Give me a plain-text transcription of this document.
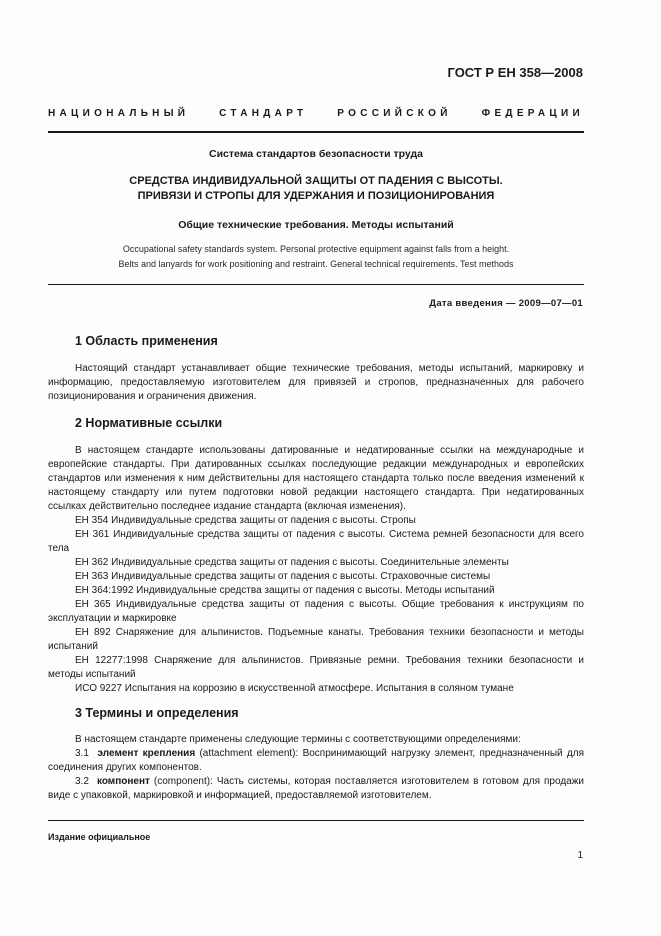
ГОСТ Р ЕН 358—2008
НАЦИОНАЛЬНЫЙ СТАНДАРТ РОССИЙСКОЙ ФЕДЕРАЦИИ
Система стандартов безопасности труда
СРЕДСТВА ИНДИВИДУАЛЬНОЙ ЗАЩИТЫ ОТ ПАДЕНИЯ С ВЫСОТЫ.
ПРИВЯЗИ И СТРОПЫ ДЛЯ УДЕРЖАНИЯ И ПОЗИЦИОНИРОВАНИЯ
Общие технические требования. Методы испытаний
Occupational safety standards system. Personal protective equipment against falls from a height.
Belts and lanyards for work positioning and restraint. General technical requirements. Test methods
Дата введения — 2009—07—01
1 Область применения

Настоящий стандарт устанавливает общие технические требования, методы испытаний, маркировку и информацию, предоставляемую изготовителем для привязей и стропов, предназначенных для рабочего позиционирования и ограничения движения.

2 Нормативные ссылки

В настоящем стандарте использованы датированные и недатированные ссылки на международные и европейские стандарты. При датированных ссылках последующие редакции международных и европейских стандартов или изменения к ним действительны для настоящего стандарта только после введения изменений к настоящему стандарту или путем подготовки новой редакции настоящего стандарта. При недатированных ссылках действительно последнее издание стандарта (включая изменения).

ЕН 354 Индивидуальные средства защиты от падения с высоты. Стропы

ЕН 361 Индивидуальные средства защиты от падения с высоты. Система ремней безопасности для всего тела

ЕН 362 Индивидуальные средства защиты от падения с высоты. Соединительные элементы

ЕН 363 Индивидуальные средства защиты от падения с высоты. Страховочные системы

ЕН 364:1992 Индивидуальные средства защиты от падения с высоты. Методы испытаний

ЕН 365 Индивидуальные средства защиты от падения с высоты. Общие требования к инструкциям по эксплуатации и маркировке

ЕН 892 Снаряжение для альпинистов. Подъемные канаты. Требования техники безопасности и методы испытаний

ЕН 12277:1998 Снаряжение для альпинистов. Привязные ремни. Требования техники безопасности и методы испытаний

ИСО 9227 Испытания на коррозию в искусственной атмосфере. Испытания в соляном тумане

3 Термины и определения

В настоящем стандарте применены следующие термины с соответствующими определениями:

3.1 элемент крепления (attachment element): Воспринимающий нагрузку элемент, предназначенный для соединения других компонентов.

3.2 компонент (component): Часть системы, которая поставляется изготовителем в готовом для продажи виде с упаковкой, маркировкой и информацией, предоставляемой изготовителем.

Издание официальное
1
